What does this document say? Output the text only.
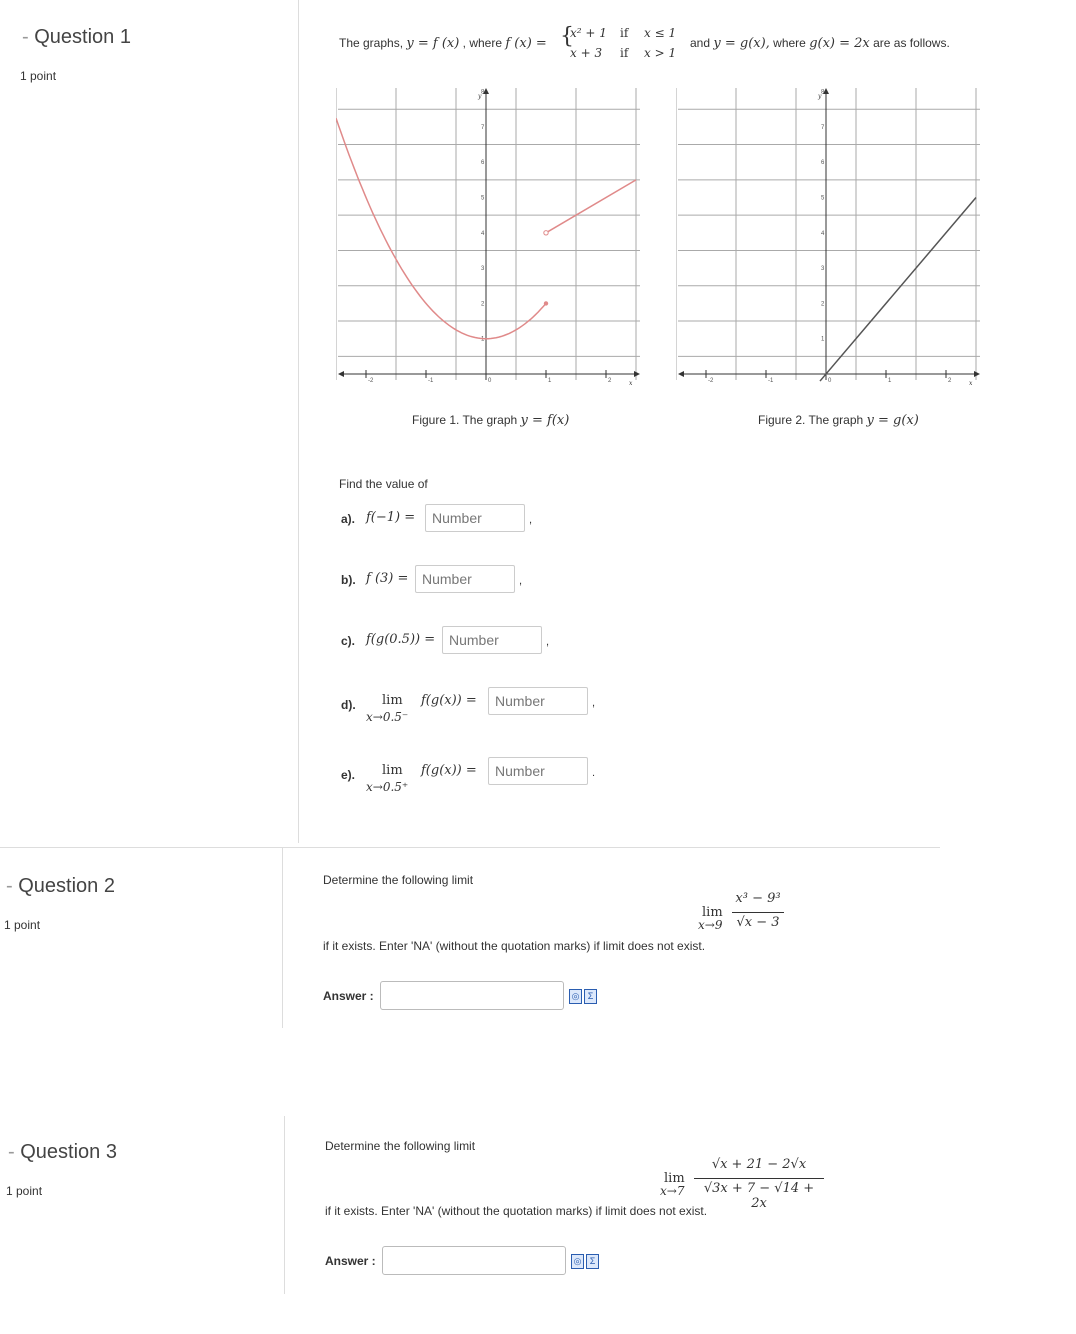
- Question 1
1 point
The graphs, y = f (x) , where f (x) = {
x² + 1 if x ≤ 1
x + 3 if x > 1
and y = g(x), where g(x) = 2x are as follows.
-2	-1	0	1	2
1
2
3
4
5
6
7
8
x
y
Figure 1. The graph y = f(x)
-2	-1	0	1	2
1
2
3
4
5
6
7
8
x
y
Figure 2. The graph y = g(x)
Find the value of
a). f(−1) =
Number	,
b). f (3) =
Number	,
c). f(g(0.5)) =
Number	,
d). lim
x→0.5⁻
f(g(x)) =
Number	,
e). lim
x→0.5⁺
f(g(x)) =
Number	.
- Question 2
1 point
Determine the following limit
lim
x→9
x³ − 9³
√x − 3
if it exists. Enter 'NA' (without the quotation marks) if limit does not exist.
Answer :	◎ Σ
- Question 3
1 point
Determine the following limit
lim
x→7
√x + 21 − 2√x
√3x + 7 − √14 + 2x
if it exists. Enter 'NA' (without the quotation marks) if limit does not exist.
Answer :	◎ Σ
